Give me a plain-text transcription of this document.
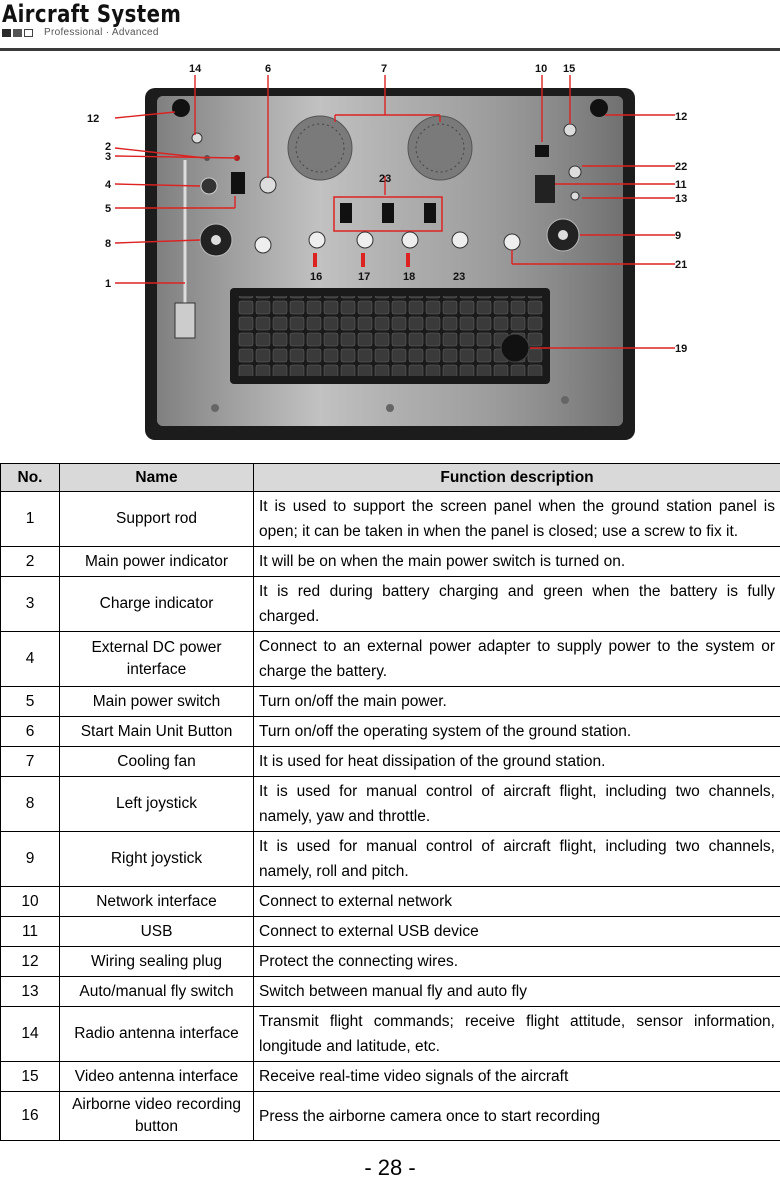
Aircraft System
Professional · Advanced
14	6	7	10 15
12	12
2
3
4
5
8
1
23
22
11
13
9
21
19
16	17	18	23
No.	Name	Function description
1	Support rod	It is used to support the screen panel when the ground station panel is open; it can be taken in when the panel is closed; use a screw to fix it.
2	Main power indicator	It will be on when the main power switch is turned on.
3	Charge indicator	It is red during battery charging and green when the battery is fully charged.
4	External DC power interface	Connect to an external power adapter to supply power to the system or charge the battery.
5	Main power switch	Turn on/off the main power.
6	Start Main Unit Button	Turn on/off the operating system of the ground station.
7	Cooling fan	It is used for heat dissipation of the ground station.
8	Left joystick	It is used for manual control of aircraft flight, including two channels, namely, yaw and throttle.
9	Right joystick	It is used for manual control of aircraft flight, including two channels, namely, roll and pitch.
10	Network interface	Connect to external network
11	USB	Connect to external USB device
12	Wiring sealing plug	Protect the connecting wires.
13	Auto/manual fly switch	Switch between manual fly and auto fly
14	Radio antenna interface	Transmit flight commands; receive flight attitude, sensor information, longitude and latitude, etc.
15	Video antenna interface	Receive real-time video signals of the aircraft
16	Airborne video recording button	Press the airborne camera once to start recording
- 28 -
